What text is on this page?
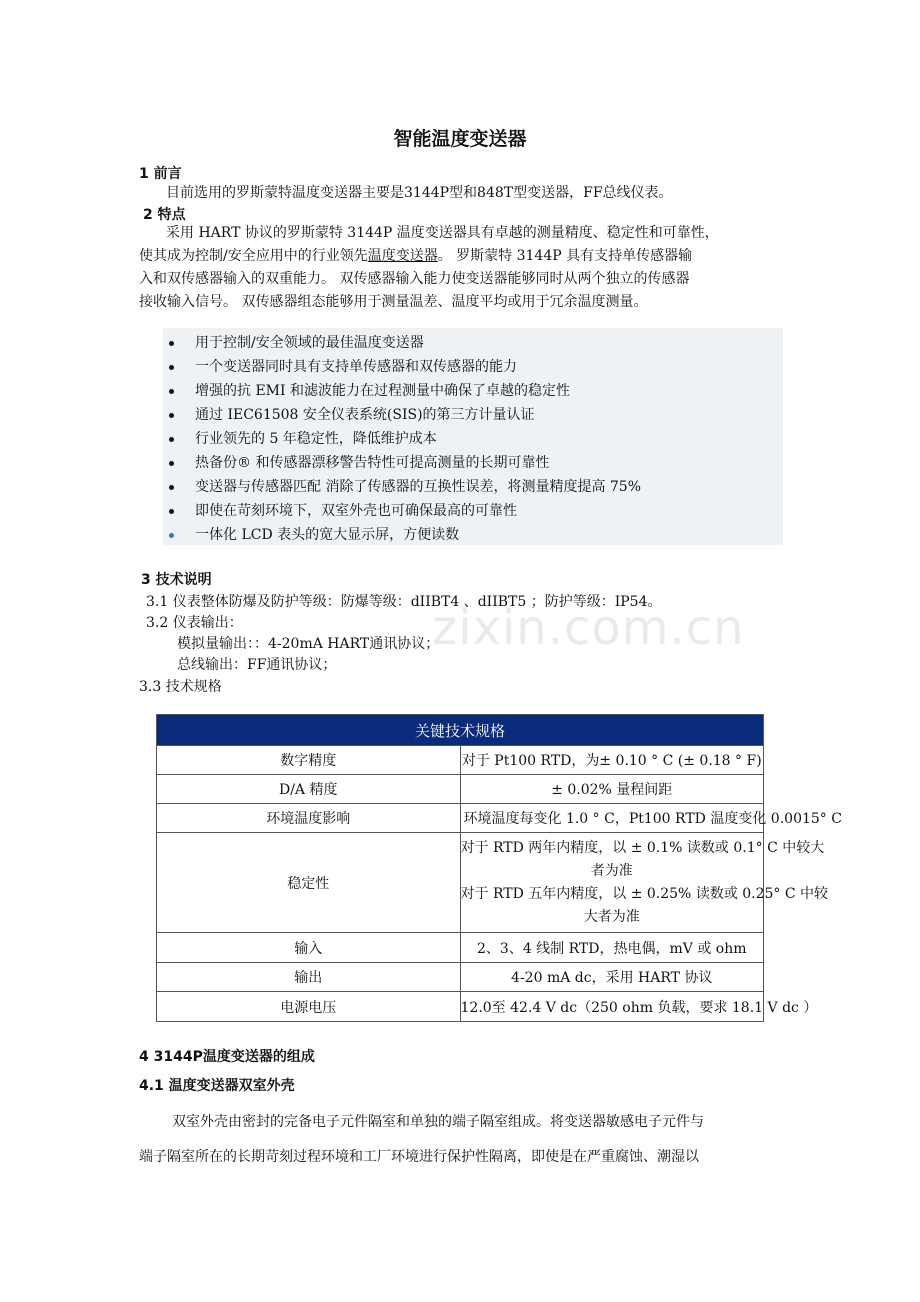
智能温度变送器
1 前言
目前选用的罗斯蒙特温度变送器主要是3144P型和848T型变送器，FF总线仪表。
2 特点
采用 HART 协议的罗斯蒙特 3144P 温度变送器具有卓越的测量精度、稳定性和可靠性，
使其成为控制/安全应用中的行业领先温度变送器。 罗斯蒙特 3144P 具有支持单传感器输
入和双传感器输入的双重能力。 双传感器输入能力使变送器能够同时从两个独立的传感器
接收输入信号。 双传感器组态能够用于测量温差、温度平均或用于冗余温度测量。
用于控制/安全领域的最佳温度变送器
一个变送器同时具有支持单传感器和双传感器的能力
增强的抗 EMI 和滤波能力在过程测量中确保了卓越的稳定性
通过 IEC61508 安全仪表系统(SIS)的第三方计量认证
行业领先的 5 年稳定性，降低维护成本
热备份® 和传感器漂移警告特性可提高测量的长期可靠性
变送器与传感器匹配 消除了传感器的互换性误差，将测量精度提高 75%
即使在苛刻环境下，双室外壳也可确保最高的可靠性
一体化 LCD 表头的宽大显示屏，方便读数
3 技术说明
3.1 仪表整体防爆及防护等级：防爆等级：dIIBT4 、dIIBT5 ；防护等级：IP54。
3.2 仪表输出：
模拟量输出：：4-20mA HART通讯协议；
总线输出：FF通讯协议；
3.3 技术规格
zixin.com.cn
关键技术规格	
数字精度	对于 Pt100 RTD，为± 0.10 ° C (± 0.18 ° F)
D/A 精度	± 0.02% 量程间距
环境温度影响	环境温度每变化 1.0 ° C，Pt100 RTD 温度变化 0.0015° C
稳定性	对于 RTD 两年内精度，以 ± 0.1% 读数或 0.1° C 中较大
者为准
对于 RTD 五年内精度，以 ± 0.25% 读数或 0.25° C 中较
大者为准

输入	2、3、4 线制 RTD，热电偶，mV 或 ohm
输出	4-20 mA dc，采用 HART 协议
电源电压	12.0至 42.4 V dc（250 ohm 负载，要求 18.1 V dc ）
4 3144P温度变送器的组成
4.1 温度变送器双室外壳
双室外壳由密封的完备电子元件隔室和单独的端子隔室组成。将变送器敏感电子元件与
端子隔室所在的长期苛刻过程环境和工厂环境进行保护性隔离，即使是在严重腐蚀、潮湿以
